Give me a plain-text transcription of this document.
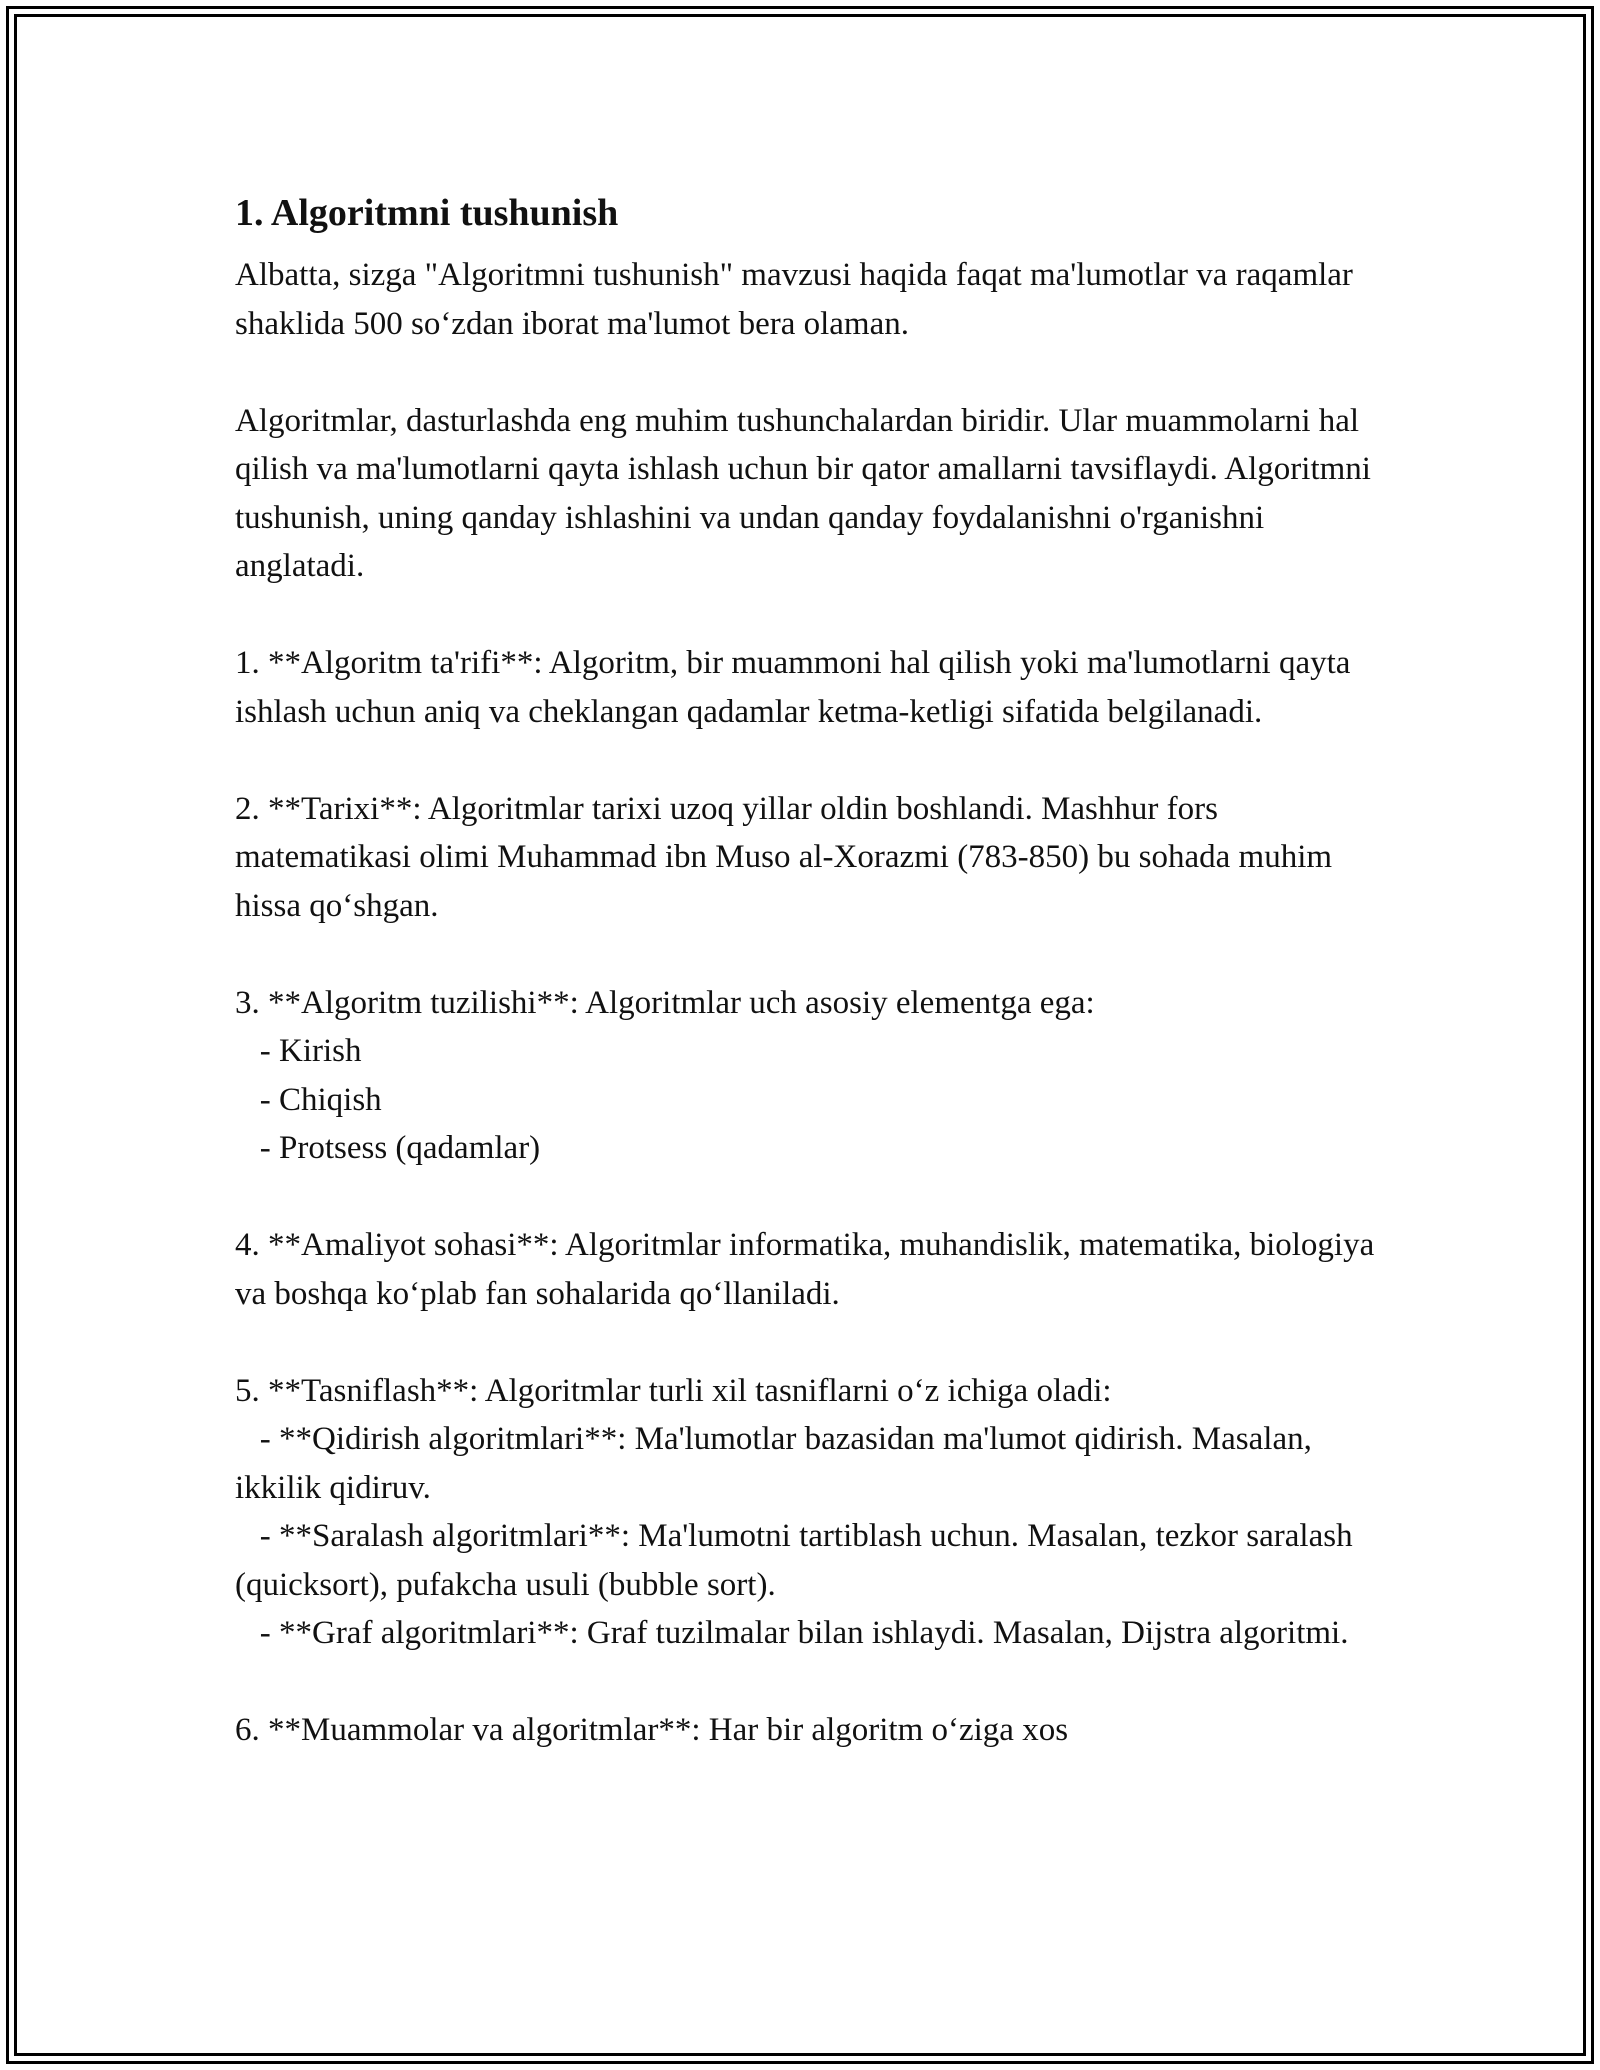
1. Algoritmni tushunish

Albatta, sizga "Algoritmni tushunish" mavzusi haqida faqat ma'lumotlar va raqamlar shaklida 500 so‘zdan iborat ma'lumot bera olaman.

Algoritmlar, dasturlashda eng muhim tushunchalardan biridir. Ular muammolarni hal qilish va ma'lumotlarni qayta ishlash uchun bir qator amallarni tavsiflaydi. Algoritmni tushunish, uning qanday ishlashini va undan qanday foydalanishni o'rganishni anglatadi.

1. **Algoritm ta'rifi**: Algoritm, bir muammoni hal qilish yoki ma'lumotlarni qayta ishlash uchun aniq va cheklangan qadamlar ketma-ketligi sifatida belgilanadi.

2. **Tarixi**: Algoritmlar tarixi uzoq yillar oldin boshlandi. Mashhur fors matematikasi olimi Muhammad ibn Muso al-Xorazmi (783-850) bu sohada muhim hissa qo‘shgan.

3. **Algoritm tuzilishi**: Algoritmlar uch asosiy elementga ega:
- Kirish
- Chiqish
- Protsess (qadamlar)

4. **Amaliyot sohasi**: Algoritmlar informatika, muhandislik, matematika, biologiya va boshqa ko‘plab fan sohalarida qo‘llaniladi.

5. **Tasniflash**: Algoritmlar turli xil tasniflarni o‘z ichiga oladi:
- **Qidirish algoritmlari**: Ma'lumotlar bazasidan ma'lumot qidirish. Masalan, ikkilik qidiruv.
- **Saralash algoritmlari**: Ma'lumotni tartiblash uchun. Masalan, tezkor saralash (quicksort), pufakcha usuli (bubble sort).
- **Graf algoritmlari**: Graf tuzilmalar bilan ishlaydi. Masalan, Dijstra algoritmi.

6. **Muammolar va algoritmlar**: Har bir algoritm o‘ziga xos
